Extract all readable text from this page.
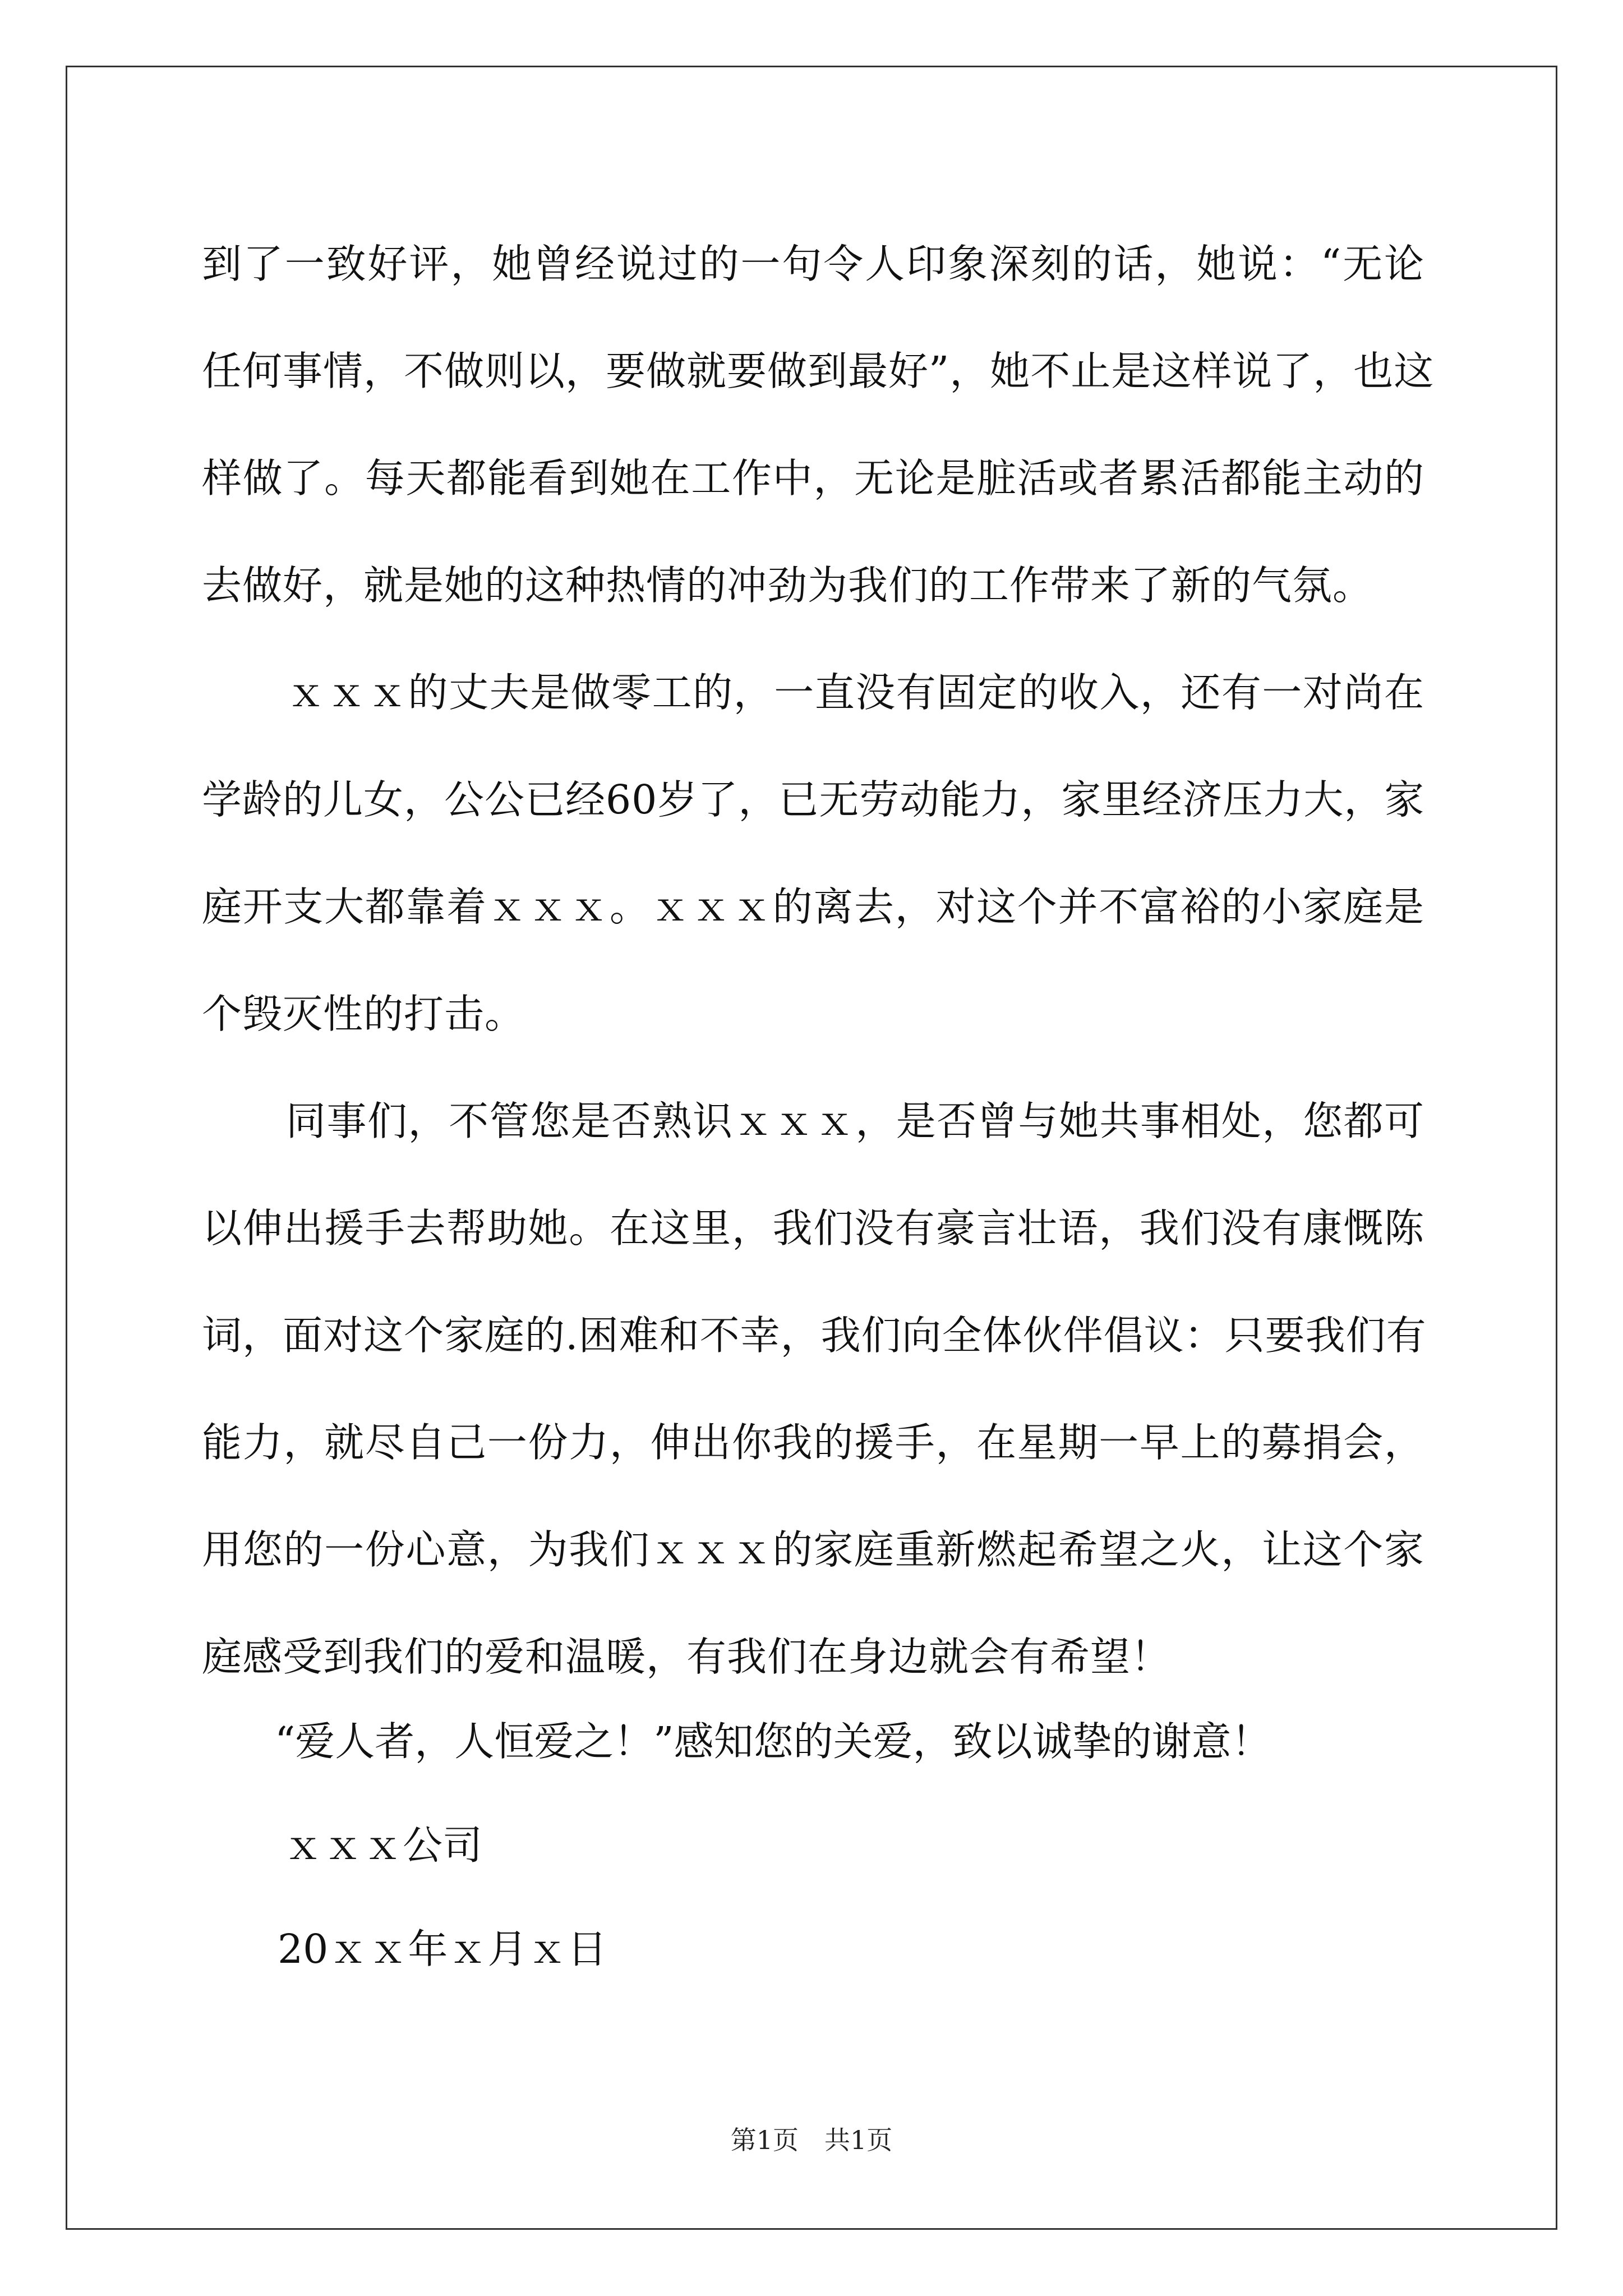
到了一致好评，她曾经说过的一句令人印象深刻的话，她说：“无论
任何事情，不做则以，要做就要做到最好”，她不止是这样说了，也这
样做了。每天都能看到她在工作中，无论是脏活或者累活都能主动的
去做好，就是她的这种热情的冲劲为我们的工作带来了新的气氛。
ｘｘｘ的丈夫是做零工的，一直没有固定的收入，还有一对尚在
学龄的儿女，公公已经60岁了，已无劳动能力，家里经济压力大，家
庭开支大都靠着ｘｘｘ。ｘｘｘ的离去，对这个并不富裕的小家庭是
个毁灭性的打击。
同事们，不管您是否熟识ｘｘｘ，是否曾与她共事相处，您都可
以伸出援手去帮助她。在这里，我们没有豪言壮语，我们没有康慨陈
词，面对这个家庭的.困难和不幸，我们向全体伙伴倡议：只要我们有
能力，就尽自己一份力，伸出你我的援手，在星期一早上的募捐会，
用您的一份心意，为我们ｘｘｘ的家庭重新燃起希望之火，让这个家
庭感受到我们的爱和温暖，有我们在身边就会有希望！
“爱人者，人恒爱之！”感知您的关爱，致以诚挚的谢意！
ｘｘｘ公司
20ｘｘ年ｘ月ｘ日
第1页　共1页
